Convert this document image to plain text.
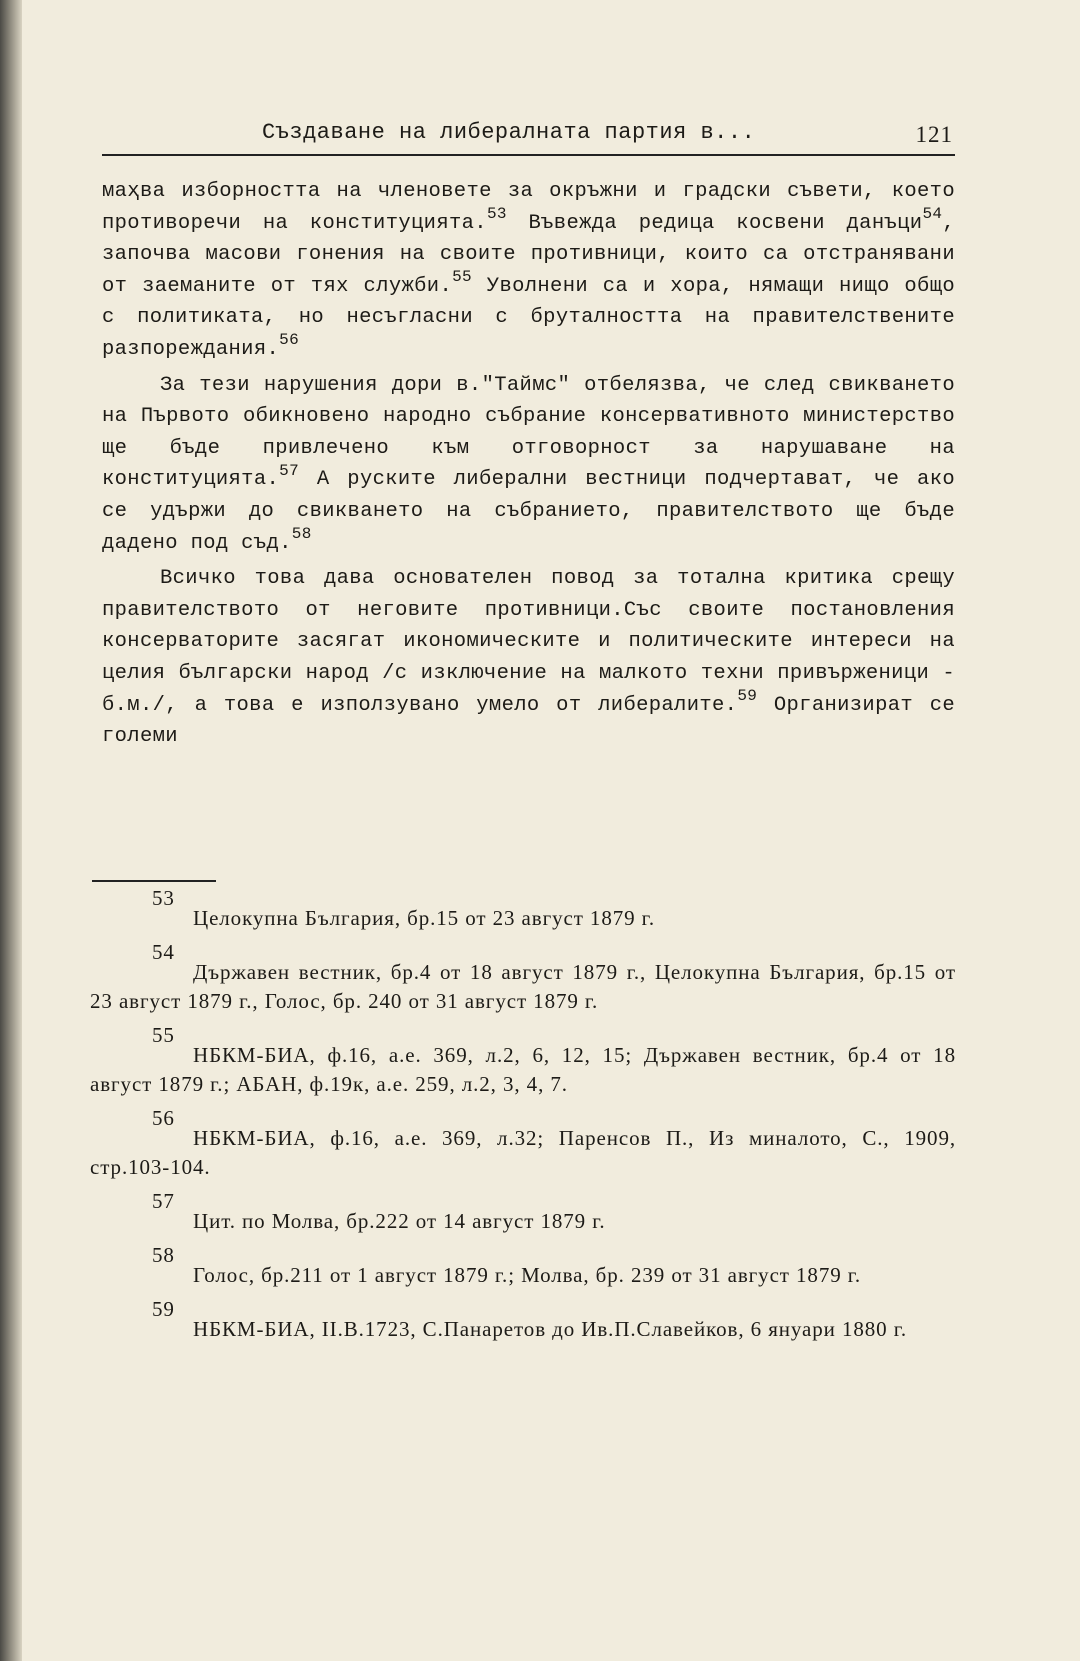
Създаване на либералната партия в...	121

маҳва изборността на членовете за окръжни и градски съвети, което противоречи на конституцията.$^{53}$ Въвежда редица косвени данъци$^{54}$, започва масови гонения на своите противници, които са отстранявани от заеманите от тях служби.$^{55}$ Уволнени са и хора, нямащи нищо общо с политиката, но несъгласни с бруталността на правителствените разпореждания.$^{56}$

За тези нарушения дори в."Таймс" отбелязва, че след свикването на Първото обикновено народно събрание консервативното министерство ще бъде привлечено към отговорност за нарушаване на конституцията.$^{57}$ А руските либерални вестници подчертават, че ако се удържи до свикването на събранието, правителството ще бъде дадено под съд.$^{58}$

Всичко това дава основателен повод за тотална критика срещу правителството от неговите противници.Със своите постановления консерваторите засягат икономическите и политическите интереси на целия български народ /с изключение на малкото техни привърженици - б.м./, а това е използувано умело от либералите.$^{59}$ Организират се големи

53
Целокупна България, бр.15 от 23 август 1879 г.
54
Държавен вестник, бр.4 от 18 август 1879 г., Целокупна България, бр.15 от 23 август 1879 г., Голос, бр. 240 от 31 август 1879 г.
55
НБКМ-БИА, ф.16, а.е. 369, л.2, 6, 12, 15; Държавен вестник, бр.4 от 18 август 1879 г.; АБАН, ф.19к, а.е. 259, л.2, 3, 4, 7.
56
НБКМ-БИА, ф.16, а.е. 369, л.32; Паренсов П., Из миналото, С., 1909, стр.103-104.
57
Цит. по Молва, бр.222 от 14 август 1879 г.
58
Голос, бр.211 от 1 август 1879 г.; Молва, бр. 239 от 31 август 1879 г.
59
НБКМ-БИА, II.В.1723, С.Панаретов до Ив.П.Славейков, 6 януари 1880 г.
